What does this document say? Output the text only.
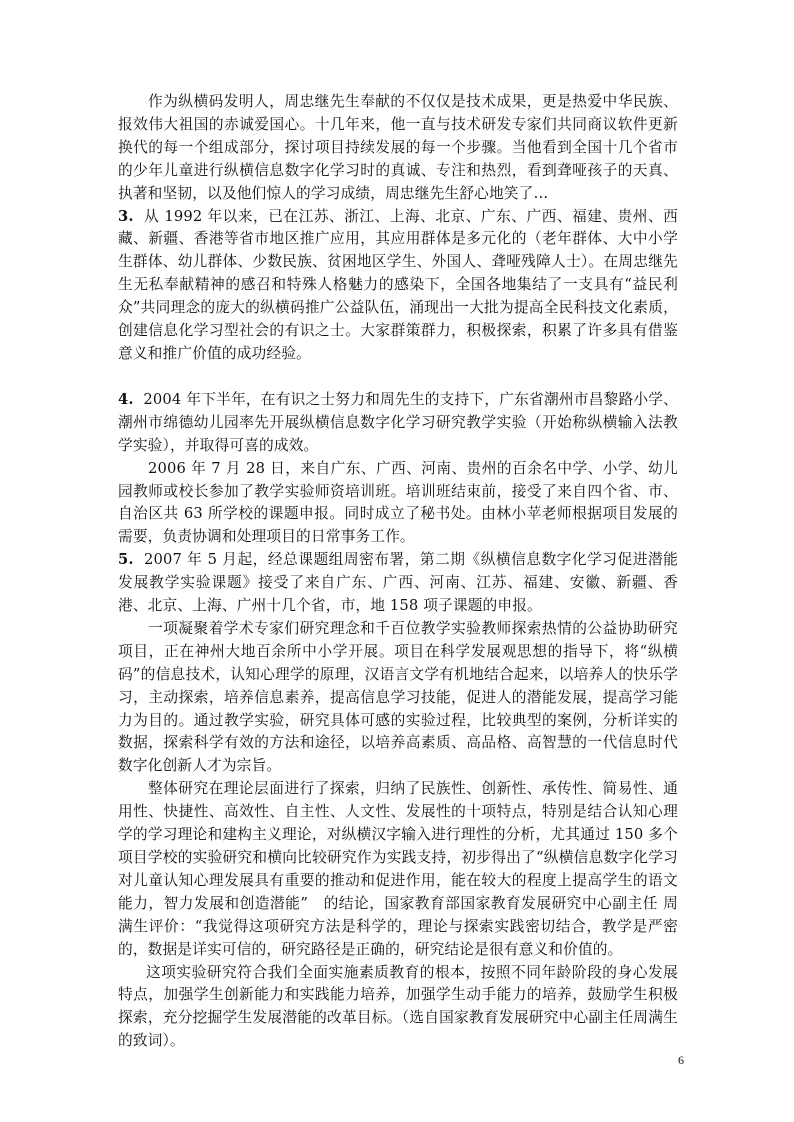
作为纵横码发明人，周忠继先生奉献的不仅仅是技术成果，更是热爱中华民族、报效伟大祖国的赤诚爱国心。十几年来，他一直与技术研发专家们共同商议软件更新换代的每一个组成部分，探讨项目持续发展的每一个步骤。当他看到全国十几个省市的少年儿童进行纵横信息数字化学习时的真诚、专注和热烈，看到聋哑孩子的天真、执著和坚韧，以及他们惊人的学习成绩，周忠继先生舒心地笑了…

3. 从 1992 年以来，已在江苏、浙江、上海、北京、广东、广西、福建、贵州、西藏、新疆、香港等省市地区推广应用，其应用群体是多元化的（老年群体、大中小学生群体、幼儿群体、少数民族、贫困地区学生、外国人、聋哑残障人士）。在周忠继先生无私奉献精神的感召和特殊人格魅力的感染下，全国各地集结了一支具有“益民利众”共同理念的庞大的纵横码推广公益队伍，涌现出一大批为提高全民科技文化素质，创建信息化学习型社会的有识之士。大家群策群力，积极探索，积累了许多具有借鉴意义和推广价值的成功经验。

4. 2004 年下半年，在有识之士努力和周先生的支持下，广东省潮州市昌黎路小学、潮州市绵德幼儿园率先开展纵横信息数字化学习研究教学实验（开始称纵横输入法教学实验），并取得可喜的成效。

2006 年 7 月 28 日，来自广东、广西、河南、贵州的百余名中学、小学、幼儿园教师或校长参加了教学实验师资培训班。培训班结束前，接受了来自四个省、市、自治区共 63 所学校的课题申报。同时成立了秘书处。由林小苹老师根据项目发展的需要，负责协调和处理项目的日常事务工作。

5. 2007 年 5 月起，经总课题组周密布署，第二期《纵横信息数字化学习促进潜能发展教学实验课题》接受了来自广东、广西、河南、江苏、福建、安徽、新疆、香港、北京、上海、广州十几个省，市，地 158 项子课题的申报。

一项凝聚着学术专家们研究理念和千百位教学实验教师探索热情的公益协助研究项目，正在神州大地百余所中小学开展。项目在科学发展观思想的指导下，将“纵横码”的信息技术，认知心理学的原理，汉语言文学有机地结合起来，以培养人的快乐学习，主动探索，培养信息素养，提高信息学习技能，促进人的潜能发展，提高学习能力为目的。通过教学实验，研究具体可感的实验过程，比较典型的案例，分析详实的数据，探索科学有效的方法和途径，以培养高素质、高品格、高智慧的一代信息时代数字化创新人才为宗旨。

整体研究在理论层面进行了探索，归纳了民族性、创新性、承传性、简易性、通用性、快捷性、高效性、自主性、人文性、发展性的十项特点，特别是结合认知心理学的学习理论和建构主义理论，对纵横汉字输入进行理性的分析，尤其通过 150 多个项目学校的实验研究和横向比较研究作为实践支持，初步得出了“纵横信息数字化学习对儿童认知心理发展具有重要的推动和促进作用，能在较大的程度上提高学生的语文能力，智力发展和创造潜能”　的结论，国家教育部国家教育发展研究中心副主任 周满生评价：“我觉得这项研究方法是科学的，理论与探索实践密切结合，教学是严密的，数据是详实可信的，研究路径是正确的，研究结论是很有意义和价值的。

这项实验研究符合我们全面实施素质教育的根本，按照不同年龄阶段的身心发展特点，加强学生创新能力和实践能力培养，加强学生动手能力的培养，鼓励学生积极探索，充分挖掘学生发展潜能的改革目标。（选自国家教育发展研究中心副主任周满生的致词）。

6
